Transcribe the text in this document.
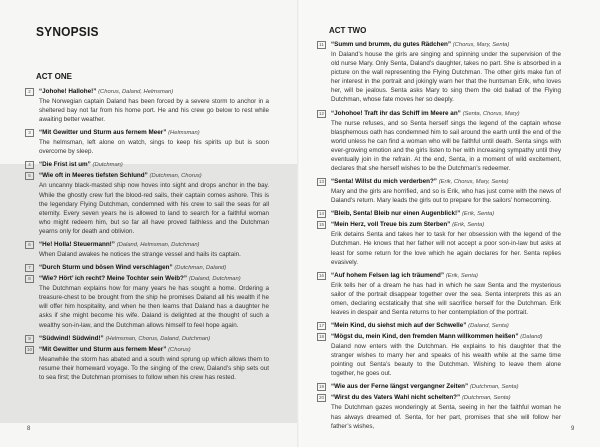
SYNOPSIS
ACT ONE
2	“Johohe! Hallohe!” (Chorus, Daland, Helmsman)
The Norwegian captain Daland has been forced by a severe storm to anchor in a sheltered bay not far from his home port. He and his crew go below to rest while awaiting better weather.
3	“Mit Gewitter und Sturm aus fernem Meer” (Helmsman)
The helmsman, left alone on watch, sings to keep his spirits up but is soon overcome by sleep.
4	“Die Frist ist um” (Dutchman)
5	“Wie oft in Meeres tiefsten Schlund” (Dutchman, Chorus)
An uncanny black-masted ship now hoves into sight and drops anchor in the bay. While the ghostly crew furl the blood-red sails, their captain comes ashore. This is the legendary Flying Dutchman, condemned with his crew to sail the seas for all eternity. Every seven years he is allowed to land to search for a faithful woman who might redeem him, but so far all have proved faithless and the Dutchman yearns only for death and oblivion.
6	“He! Holla! Steuermann!” (Daland, Helmsman, Dutchman)
When Daland awakes he notices the strange vessel and hails its captain.
7	“Durch Sturm und bösen Wind verschlagen” (Dutchman, Daland)
8	“Wie? Hört’ ich recht? Meine Tochter sein Weib?” (Daland, Dutchman)
The Dutchman explains how for many years he has sought a home. Ordering a treasure-chest to be brought from the ship he promises Daland all his wealth if he will offer him hospitality, and when he then learns that Daland has a daughter he asks if she might become his wife. Daland is delighted at the thought of such a wealthy son-in-law, and the Dutchman allows himself to feel hope again.
9	“Südwind! Südwind!” (Helmsman, Chorus, Daland, Dutchman)
10	“Mit Gewitter und Sturm aus fernem Meer” (Chorus)
Meanwhile the storm has abated and a south wind sprung up which allows them to resume their homeward voyage. To the singing of the crew, Daland’s ship sets out to sea first; the Dutchman promises to follow when his crew has rested.
8
ACT TWO
11	“Summ und brumm, du gutes Rädchen” (Chorus, Mary, Senta)
In Daland’s house the girls are singing and spinning under the supervision of the old nurse Mary. Only Senta, Daland’s daughter, takes no part. She is absorbed in a picture on the wall representing the Flying Dutchman. The other girls make fun of her interest in the portrait and jokingly warn her that the huntsman Erik, who loves her, will be jealous. Senta asks Mary to sing them the old ballad of the Flying Dutchman, whose fate moves her so deeply.
12	“Johohoe! Traft ihr das Schiff im Meere an” (Senta, Chorus, Mary)
The nurse refuses, and so Senta herself sings the legend of the captain whose blasphemous oath has condemned him to sail around the earth until the end of the world unless he can find a woman who will be faithful until death. Senta sings with ever-growing emotion and the girls listen to her with increasing sympathy until they eventually join in the refrain. At the end, Senta, in a moment of wild excitement, declares that she herself wishes to be the Dutchman’s redeemer.
13	“Senta! Willst du mich verderben?” (Erik, Chorus, Mary, Senta)
Mary and the girls are horrified, and so is Erik, who has just come with the news of Daland’s return. Mary leads the girls out to prepare for the sailors’ homecoming.
14	“Bleib, Senta! Bleib nur einen Augenblick!” (Erik, Senta)
15	“Mein Herz, voll Treue bis zum Sterben” (Erik, Senta)
Erik detains Senta and takes her to task for her obsession with the legend of the Dutchman. He knows that her father will not accept a poor son-in-law but asks at least for some return for the love which he again declares for her. Senta replies evasively.
16	“Auf hohem Felsen lag ich träumend” (Erik, Senta)
Erik tells her of a dream he has had in which he saw Senta and the mysterious sailor of the portrait disappear together over the sea. Senta interprets this as an omen, declaring ecstatically that she will sacrifice herself for the Dutchman. Erik leaves in despair and Senta returns to her contemplation of the portrait.
17	“Mein Kind, du siehst mich auf der Schwelle” (Daland, Senta)
18	“Mögst du, mein Kind, den fremden Mann willkommen heißen” (Daland)
Daland now enters with the Dutchman. He explains to his daughter that the stranger wishes to marry her and speaks of his wealth while at the same time pointing out Senta’s beauty to the Dutchman. Wishing to leave them alone together, he goes out.
19	“Wie aus der Ferne längst vergangner Zeiten” (Dutchman, Senta)
20	“Wirst du des Vaters Wahl nicht schelten?” (Dutchman, Senta)
The Dutchman gazes wonderingly at Senta, seeing in her the faithful woman he has always dreamed of. Senta, for her part, promises that she will follow her father’s wishes,	9
